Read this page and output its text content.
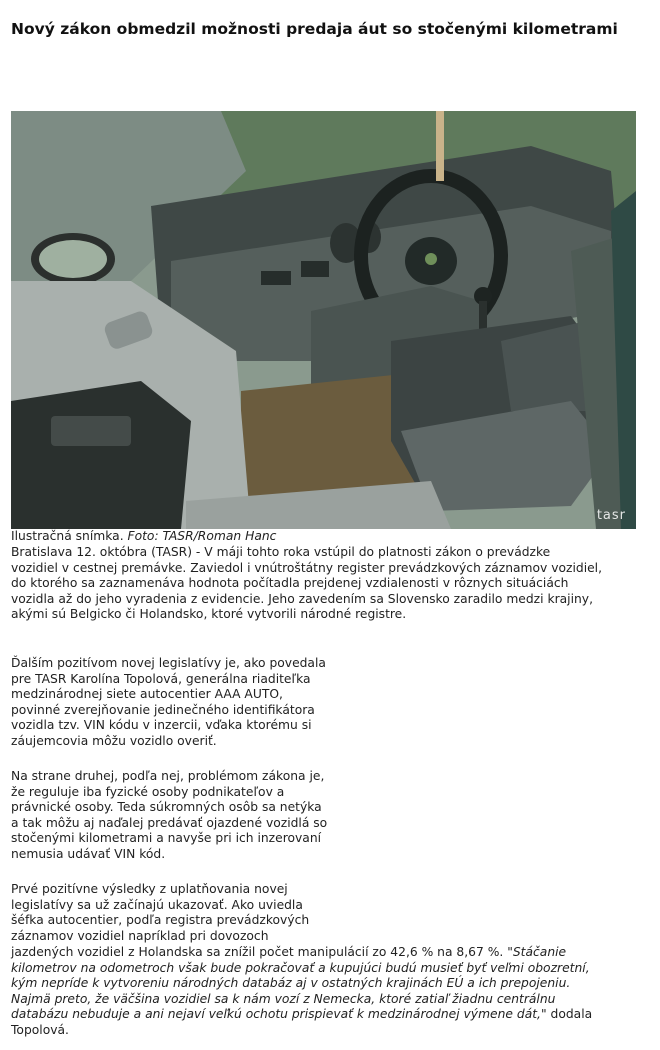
Nový zákon obmedzil možnosti predaja áut so stočenými kilometrami
tasr
Ilustračná snímka. Foto: TASR/Roman Hanc

Bratislava 12. októbra (TASR) - V máji tohto roka vstúpil do platnosti zákon o prevádzke

vozidiel v cestnej premávke. Zaviedol i vnútroštátny register prevádzkových záznamov vozidiel,

do ktorého sa zaznamenáva hodnota počítadla prejdenej vzdialenosti v rôznych situáciách

vozidla až do jeho vyradenia z evidencie. Jeho zavedením sa Slovensko zaradilo medzi krajiny,

akými sú Belgicko či Holandsko, ktoré vytvorili národné registre.

Ďalším pozitívom novej legislatívy je, ako povedala

pre TASR Karolína Topolová, generálna riaditeľka

medzinárodnej siete autocentier AAA AUTO,

povinné zverejňovanie jedinečného identifikátora

vozidla tzv. VIN kódu v inzercii, vďaka ktorému si

záujemcovia môžu vozidlo overiť.

Na strane druhej, podľa nej, problémom zákona je,

že reguluje iba fyzické osoby podnikateľov a

právnické osoby. Teda súkromných osôb sa netýka

a tak môžu aj naďalej predávať ojazdené vozidlá so

stočenými kilometrami a navyše pri ich inzerovaní

nemusia udávať VIN kód.

Prvé pozitívne výsledky z uplatňovania novej

legislatívy sa už začínajú ukazovať. Ako uviedla

šéfka autocentier, podľa registra prevádzkových

záznamov vozidiel napríklad pri dovozoch

jazdených vozidiel z Holandska sa znížil počet manipulácií zo 42,6 % na 8,67 %. "Stáčanie

kilometrov na odometroch však bude pokračovať a kupujúci budú musieť byť veľmi obozretní,

kým nepríde k vytvoreniu národných databáz aj v ostatných krajinách EÚ a ich prepojeniu.

Najmä preto, že väčšina vozidiel sa k nám vozí z Nemecka, ktoré zatiaľ žiadnu centrálnu

databázu nebuduje a ani nejaví veľkú ochotu prispievať k medzinárodnej výmene dát," dodala

Topolová.
